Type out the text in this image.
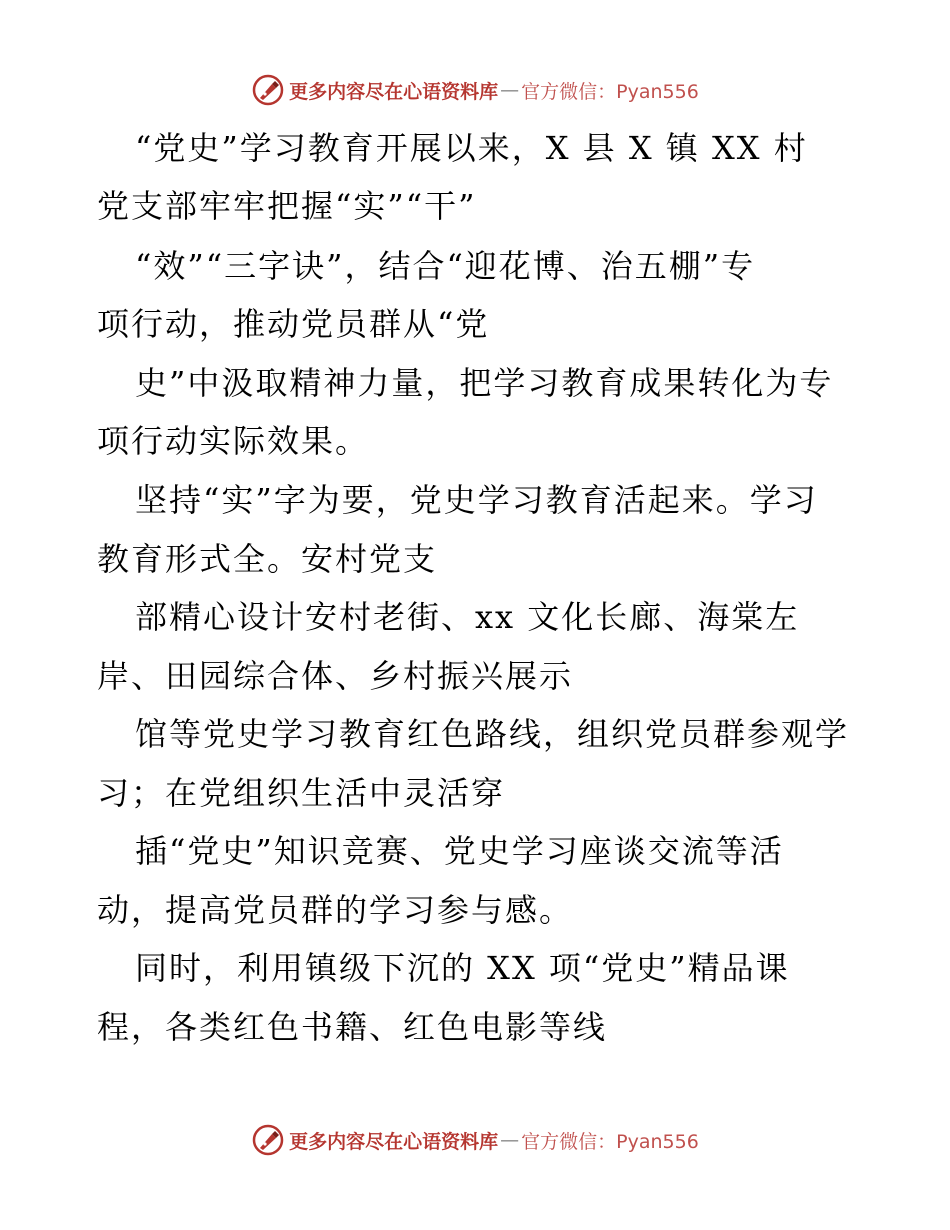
更多内容尽在心语资料库 — 官方微信：Pyan556
“党史”学习教育开展以来，X 县 X 镇 XX 村
党支部牢牢把握“实”“干”
“效”“三字诀”，结合“迎花博、治五棚”专
项行动，推动党员群从“党
史”中汲取精神力量，把学习教育成果转化为专
项行动实际效果。
坚持“实”字为要，党史学习教育活起来。学习
教育形式全。安村党支
部精心设计安村老街、xx 文化长廊、海棠左
岸、田园综合体、乡村振兴展示
馆等党史学习教育红色路线，组织党员群参观学
习；在党组织生活中灵活穿
插“党史”知识竞赛、党史学习座谈交流等活
动，提高党员群的学习参与感。
同时，利用镇级下沉的 XX 项“党史”精品课
程，各类红色书籍、红色电影等线
更多内容尽在心语资料库 — 官方微信：Pyan556
